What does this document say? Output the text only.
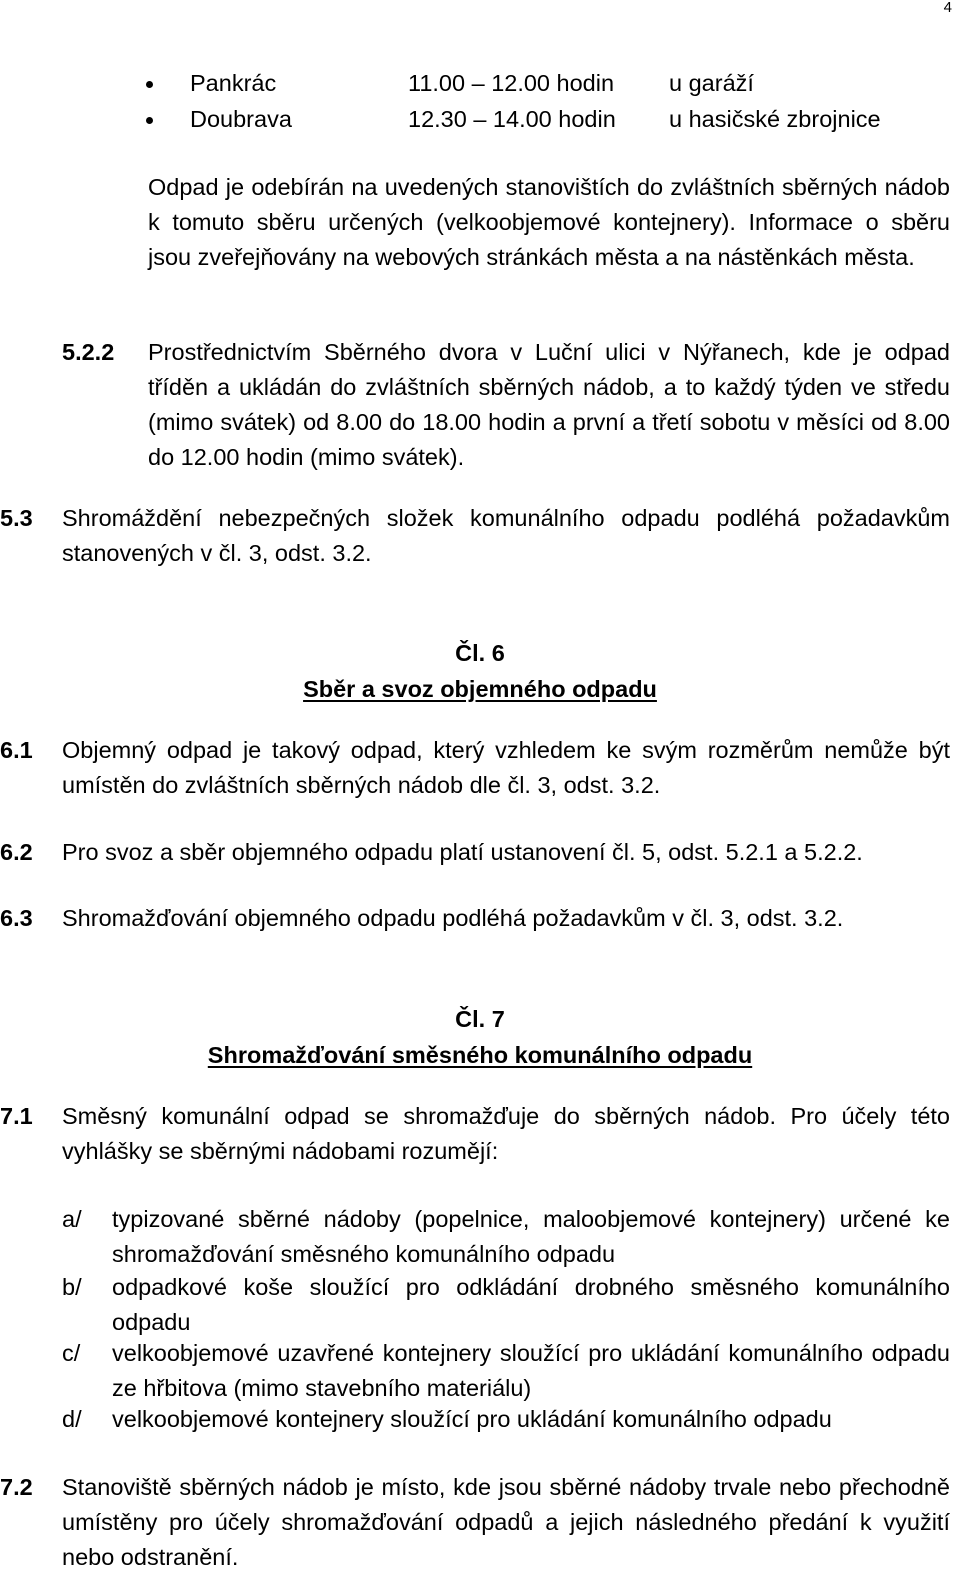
4
Pankrác	11.00 – 12.00 hodin u garáží
Doubrava	12.30 – 14.00 hodin u hasičské zbrojnice
Odpad je odebírán na uvedených stanovištích do zvláštních sběrných nádob k tomuto sběru určených (velkoobjemové kontejnery). Informace o sběru jsou zveřejňovány na webových stránkách města a na nástěnkách města.
5.2.2 Prostřednictvím Sběrného dvora v Luční ulici v Nýřanech, kde je odpad tříděn a ukládán do zvláštních sběrných nádob, a to každý týden ve středu (mimo svátek) od 8.00 do 18.00 hodin a první a třetí sobotu v měsíci od 8.00 do 12.00 hodin (mimo svátek).
5.3 Shromáždění nebezpečných složek komunálního odpadu podléhá požadavkům stanovených v čl. 3, odst. 3.2.
Čl. 6
Sběr a svoz objemného odpadu
6.1 Objemný odpad je takový odpad, který vzhledem ke svým rozměrům nemůže být umístěn do zvláštních sběrných nádob dle čl. 3, odst. 3.2.
6.2 Pro svoz a sběr objemného odpadu platí ustanovení čl. 5, odst. 5.2.1 a 5.2.2.
6.3 Shromažďování objemného odpadu podléhá požadavkům v čl. 3, odst. 3.2.
Čl. 7
Shromažďování směsného komunálního odpadu
7.1 Směsný komunální odpad se shromažďuje do sběrných nádob. Pro účely této vyhlášky se sběrnými nádobami rozumějí:
a/ typizované sběrné nádoby (popelnice, maloobjemové kontejnery) určené ke shromažďování směsného komunálního odpadu
b/ odpadkové koše sloužící pro odkládání drobného směsného komunálního odpadu
c/ velkoobjemové uzavřené kontejnery sloužící pro ukládání komunálního odpadu ze hřbitova (mimo stavebního materiálu)
d/ velkoobjemové kontejnery sloužící pro ukládání komunálního odpadu
7.2 Stanoviště sběrných nádob je místo, kde jsou sběrné nádoby trvale nebo přechodně umístěny pro účely shromažďování odpadů a jejich následného předání k využití nebo odstranění.
